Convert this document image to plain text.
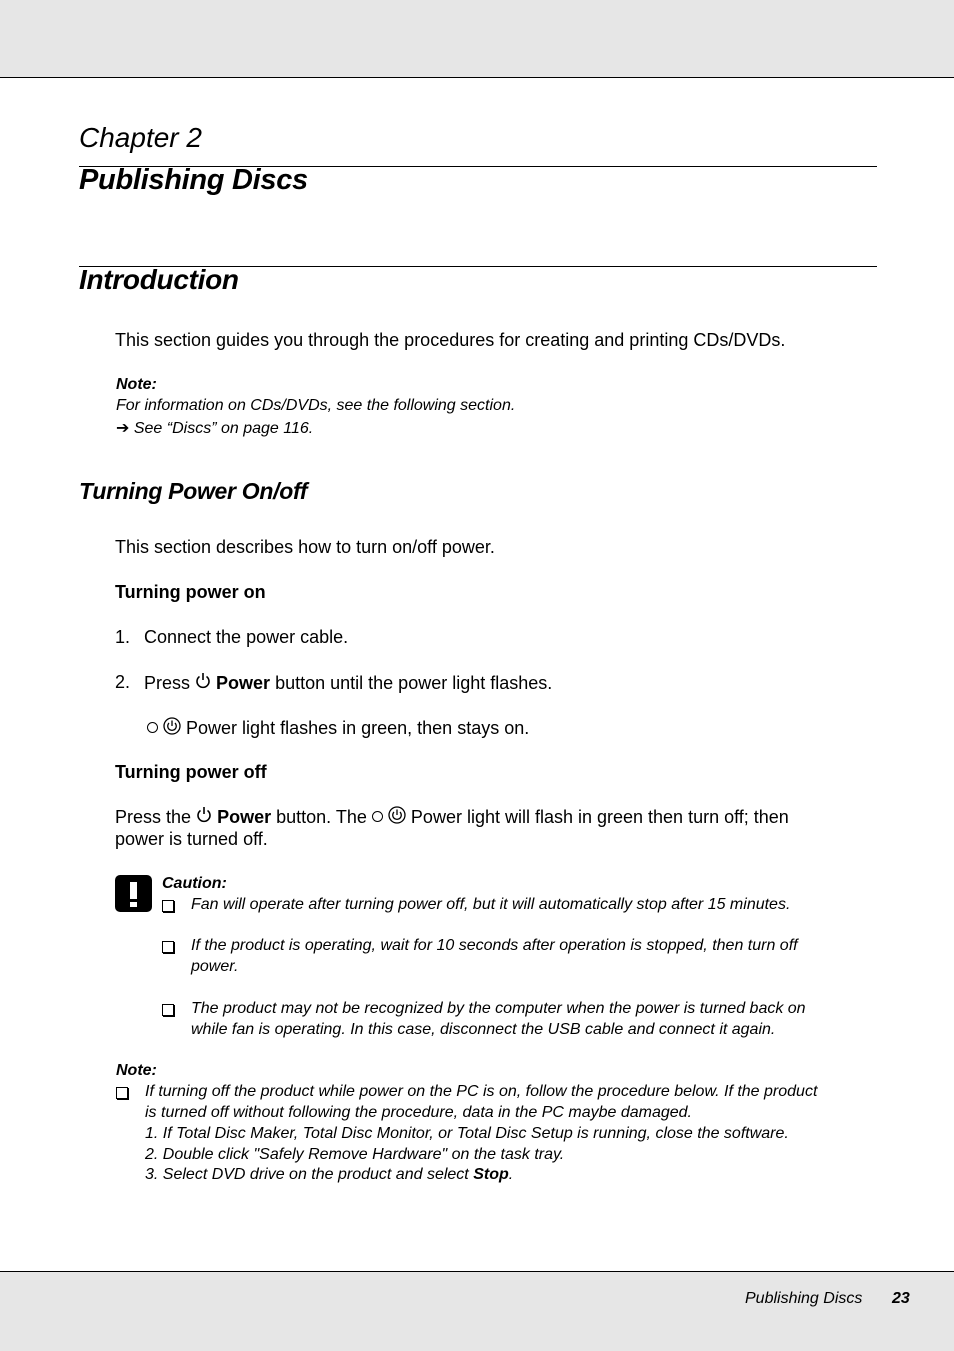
Chapter 2
Publishing Discs
Introduction
This section guides you through the procedures for creating and printing CDs/DVDs.
Note:
For information on CDs/DVDs, see the following section.
➔ See “Discs” on page 116.
Turning Power On/off
This section describes how to turn on/off power.
Turning power on
1. Connect the power cable.
2. Press Power button until the power light flashes.
Power light flashes in green, then stays on.
Turning power off
Press the Power button. The Power light will flash in green then turn off; then
power is turned off.
Caution:
Fan will operate after turning power off, but it will automatically stop after 15 minutes.
If the product is operating, wait for 10 seconds after operation is stopped, then turn off
power.
The product may not be recognized by the computer when the power is turned back on
while fan is operating. In this case, disconnect the USB cable and connect it again.
Note:
If turning off the product while power on the PC is on, follow the procedure below. If the product
is turned off without following the procedure, data in the PC maybe damaged.
1. If Total Disc Maker, Total Disc Monitor, or Total Disc Setup is running, close the software.
2. Double click "Safely Remove Hardware" on the task tray.
3. Select DVD drive on the product and select Stop.
Publishing Discs 23
